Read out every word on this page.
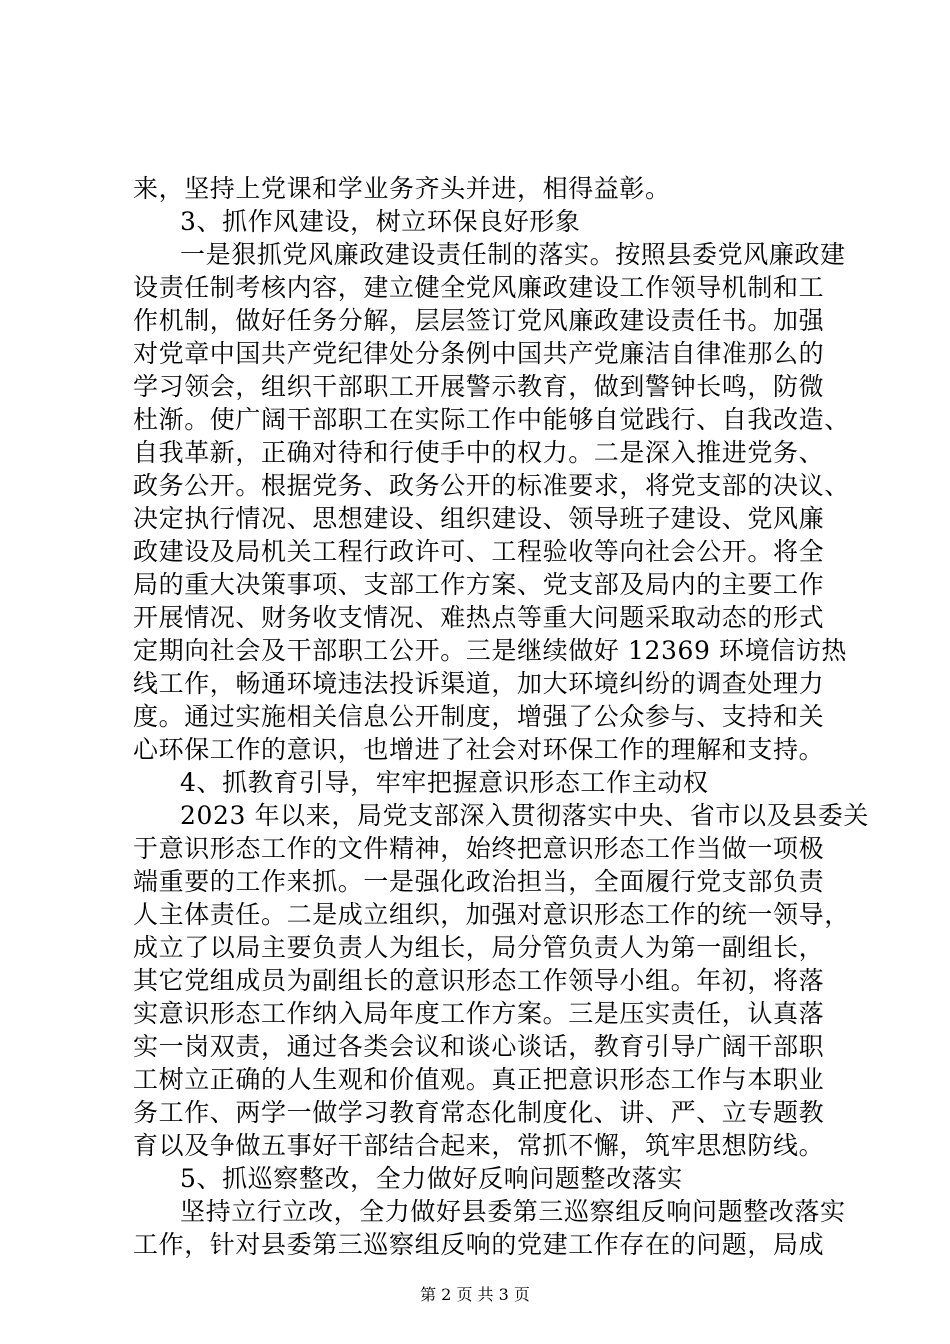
来，坚持上党课和学业务齐头并进，相得益彰。
3、抓作风建设，树立环保良好形象
一是狠抓党风廉政建设责任制的落实。按照县委党风廉政建
设责任制考核内容，建立健全党风廉政建设工作领导机制和工
作机制，做好任务分解，层层签订党风廉政建设责任书。加强
对党章中国共产党纪律处分条例中国共产党廉洁自律准那么的
学习领会，组织干部职工开展警示教育，做到警钟长鸣，防微
杜渐。使广阔干部职工在实际工作中能够自觉践行、自我改造、
自我革新，正确对待和行使手中的权力。二是深入推进党务、
政务公开。根据党务、政务公开的标准要求，将党支部的决议、
决定执行情况、思想建设、组织建设、领导班子建设、党风廉
政建设及局机关工程行政许可、工程验收等向社会公开。将全
局的重大决策事项、支部工作方案、党支部及局内的主要工作
开展情况、财务收支情况、难热点等重大问题采取动态的形式
定期向社会及干部职工公开。三是继续做好 12369 环境信访热
线工作，畅通环境违法投诉渠道，加大环境纠纷的调查处理力
度。通过实施相关信息公开制度，增强了公众参与、支持和关
心环保工作的意识，也增进了社会对环保工作的理解和支持。
4、抓教育引导，牢牢把握意识形态工作主动权
2023 年以来，局党支部深入贯彻落实中央、省市以及县委关
于意识形态工作的文件精神，始终把意识形态工作当做一项极
端重要的工作来抓。一是强化政治担当，全面履行党支部负责
人主体责任。二是成立组织，加强对意识形态工作的统一领导，
成立了以局主要负责人为组长，局分管负责人为第一副组长，
其它党组成员为副组长的意识形态工作领导小组。年初，将落
实意识形态工作纳入局年度工作方案。三是压实责任，认真落
实一岗双责，通过各类会议和谈心谈话，教育引导广阔干部职
工树立正确的人生观和价值观。真正把意识形态工作与本职业
务工作、两学一做学习教育常态化制度化、讲、严、立专题教
育以及争做五事好干部结合起来，常抓不懈，筑牢思想防线。
5、抓巡察整改，全力做好反响问题整改落实
坚持立行立改，全力做好县委第三巡察组反响问题整改落实
工作，针对县委第三巡察组反响的党建工作存在的问题，局成
第 2 页 共 3 页
